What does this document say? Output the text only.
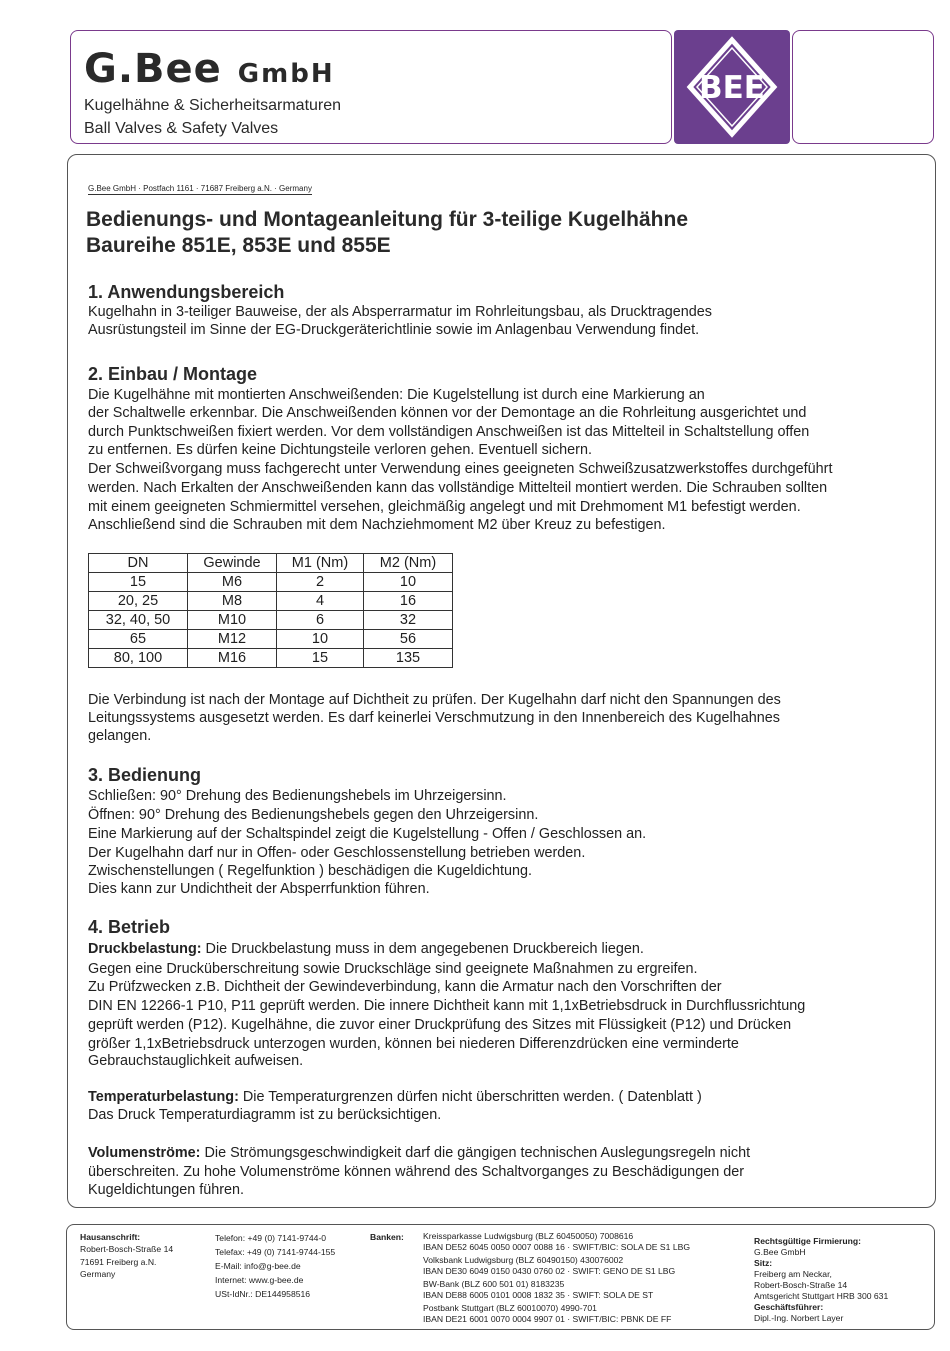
G.Bee GmbH
Kugelhähne & Sicherheitsarmaturen
Ball Valves & Safety Valves
BEE
G.Bee GmbH · Postfach 1161 · 71687 Freiberg a.N. · Germany
Bedienungs- und Montageanleitung für 3-teilige Kugelhähne
Baureihe 851E, 853E und 855E
1. Anwendungsbereich
Kugelhahn in 3-teiliger Bauweise, der als Absperrarmatur im Rohrleitungsbau, als Drucktragendes
Ausrüstungsteil im Sinne der EG-Druckgeräterichtlinie sowie im Anlagenbau Verwendung findet.
2. Einbau / Montage
Die Kugelhähne mit montierten Anschweißenden: Die Kugelstellung ist durch eine Markierung an
der Schaltwelle erkennbar. Die Anschweißenden können vor der Demontage an die Rohrleitung ausgerichtet und
durch Punktschweißen fixiert werden. Vor dem vollständigen Anschweißen ist das Mittelteil in Schaltstellung offen
zu entfernen. Es dürfen keine Dichtungsteile verloren gehen. Eventuell sichern.
Der Schweißvorgang muss fachgerecht unter Verwendung eines geeigneten Schweißzusatzwerkstoffes durchgeführt
werden. Nach Erkalten der Anschweißenden kann das vollständige Mittelteil montiert werden. Die Schrauben sollten
mit einem geeigneten Schmiermittel versehen, gleichmäßig angelegt und mit Drehmoment M1 befestigt werden.
Anschließend sind die Schrauben mit dem Nachziehmoment M2 über Kreuz zu befestigen.
DN	Gewinde	M1 (Nm)	M2 (Nm)
15	M6	2	10
20, 25	M8	4	16
32, 40, 50	M10	6	32
65	M12	10	56
80, 100	M16	15	135
Die Verbindung ist nach der Montage auf Dichtheit zu prüfen. Der Kugelhahn darf nicht den Spannungen des
Leitungssystems ausgesetzt werden. Es darf keinerlei Verschmutzung in den Innenbereich des Kugelhahnes
gelangen.
3. Bedienung
Schließen: 90° Drehung des Bedienungshebels im Uhrzeigersinn.
Öffnen: 90° Drehung des Bedienungshebels gegen den Uhrzeigersinn.
Eine Markierung auf der Schaltspindel zeigt die Kugelstellung - Offen / Geschlossen an.
Der Kugelhahn darf nur in Offen- oder Geschlossenstellung betrieben werden.
Zwischenstellungen ( Regelfunktion ) beschädigen die Kugeldichtung.
Dies kann zur Undichtheit der Absperrfunktion führen.
4. Betrieb
Druckbelastung: Die Druckbelastung muss in dem angegebenen Druckbereich liegen.
Gegen eine Drucküberschreitung sowie Druckschläge sind geeignete Maßnahmen zu ergreifen.
Zu Prüfzwecken z.B. Dichtheit der Gewindeverbindung, kann die Armatur nach den Vorschriften der
DIN EN 12266-1 P10, P11 geprüft werden. Die innere Dichtheit kann mit 1,1xBetriebsdruck in Durchflussrichtung
geprüft werden (P12). Kugelhähne, die zuvor einer Druckprüfung des Sitzes mit Flüssigkeit (P12) und Drücken
größer 1,1xBetriebsdruck unterzogen wurden, können bei niederen Differenzdrücken eine verminderte
Gebrauchstauglichkeit aufweisen.
Temperaturbelastung: Die Temperaturgrenzen dürfen nicht überschritten werden. ( Datenblatt )
Das Druck Temperaturdiagramm ist zu berücksichtigen.
Volumenströme: Die Strömungsgeschwindigkeit darf die gängigen technischen Auslegungsregeln nicht
überschreiten. Zu hohe Volumenströme können während des Schaltvorganges zu Beschädigungen der
Kugeldichtungen führen.
Hausanschrift:
Robert-Bosch-Straße 14
71691 Freiberg a.N.
Germany
Telefon: +49 (0) 7141-9744-0
Telefax: +49 (0) 7141-9744-155
E-Mail: info@g-bee.de
Internet: www.g-bee.de
USt-IdNr.: DE144958516
Banken: Kreissparkasse Ludwigsburg (BLZ 60450050) 7008616
IBAN DE52 6045 0050 0007 0088 16 · SWIFT/BIC: SOLA DE S1 LBG
Volksbank Ludwigsburg (BLZ 60490150) 430076002
IBAN DE30 6049 0150 0430 0760 02 · SWIFT: GENO DE S1 LBG
BW-Bank (BLZ 600 501 01) 8183235
IBAN DE88 6005 0101 0008 1832 35 · SWIFT: SOLA DE ST
Postbank Stuttgart (BLZ 60010070) 4990-701
IBAN DE21 6001 0070 0004 9907 01 · SWIFT/BIC: PBNK DE FF
Rechtsgültige Firmierung:
G.Bee GmbH
Sitz:
Freiberg am Neckar,
Robert-Bosch-Straße 14
Amtsgericht Stuttgart HRB 300 631
Geschäftsführer:
Dipl.-Ing. Norbert Layer
